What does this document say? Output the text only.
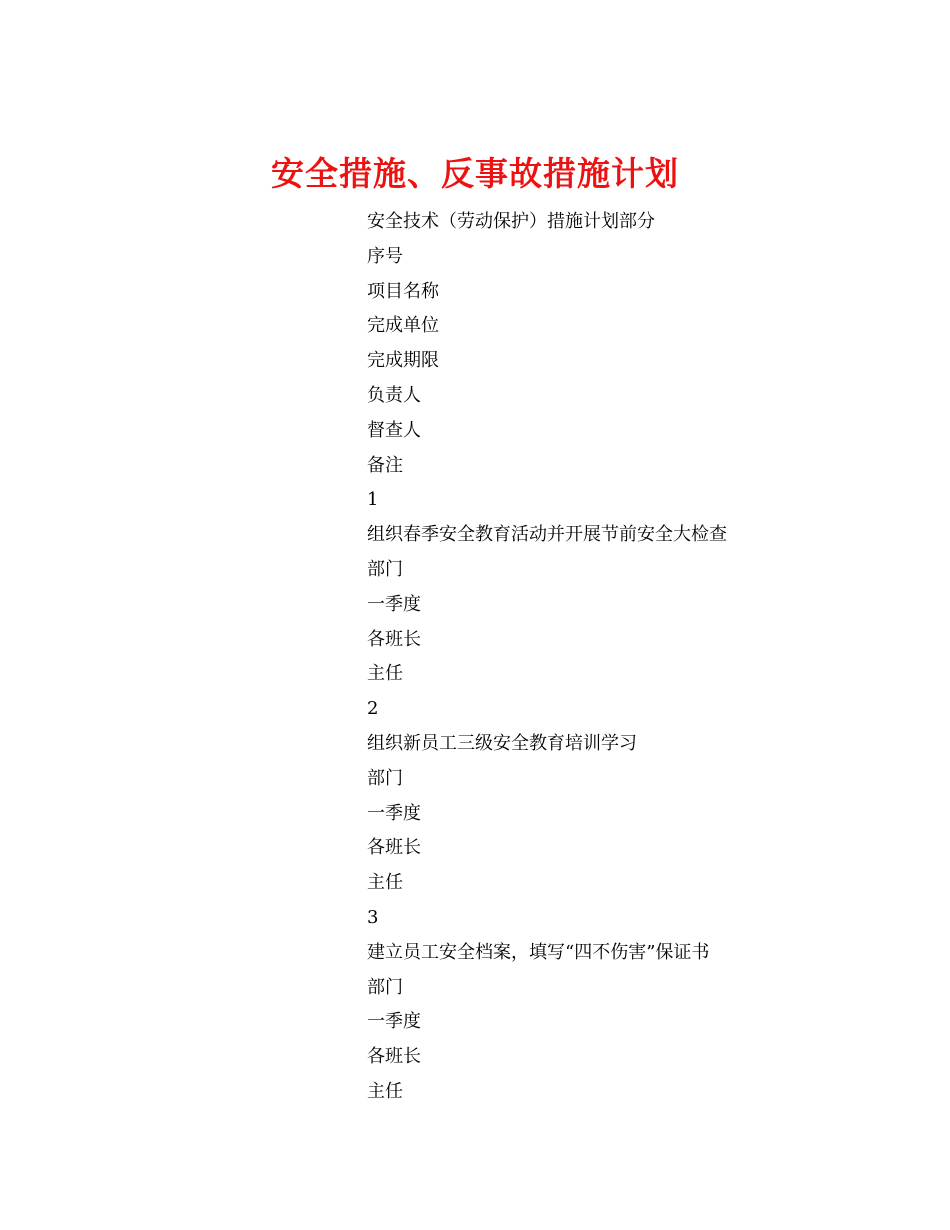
安全措施、反事故措施计划
安全技术（劳动保护）措施计划部分
序号
项目名称
完成单位
完成期限
负责人
督查人
备注
1
组织春季安全教育活动并开展节前安全大检查
部门
一季度
各班长
主任
2
组织新员工三级安全教育培训学习
部门
一季度
各班长
主任
3
建立员工安全档案，填写“四不伤害”保证书
部门
一季度
各班长
主任
